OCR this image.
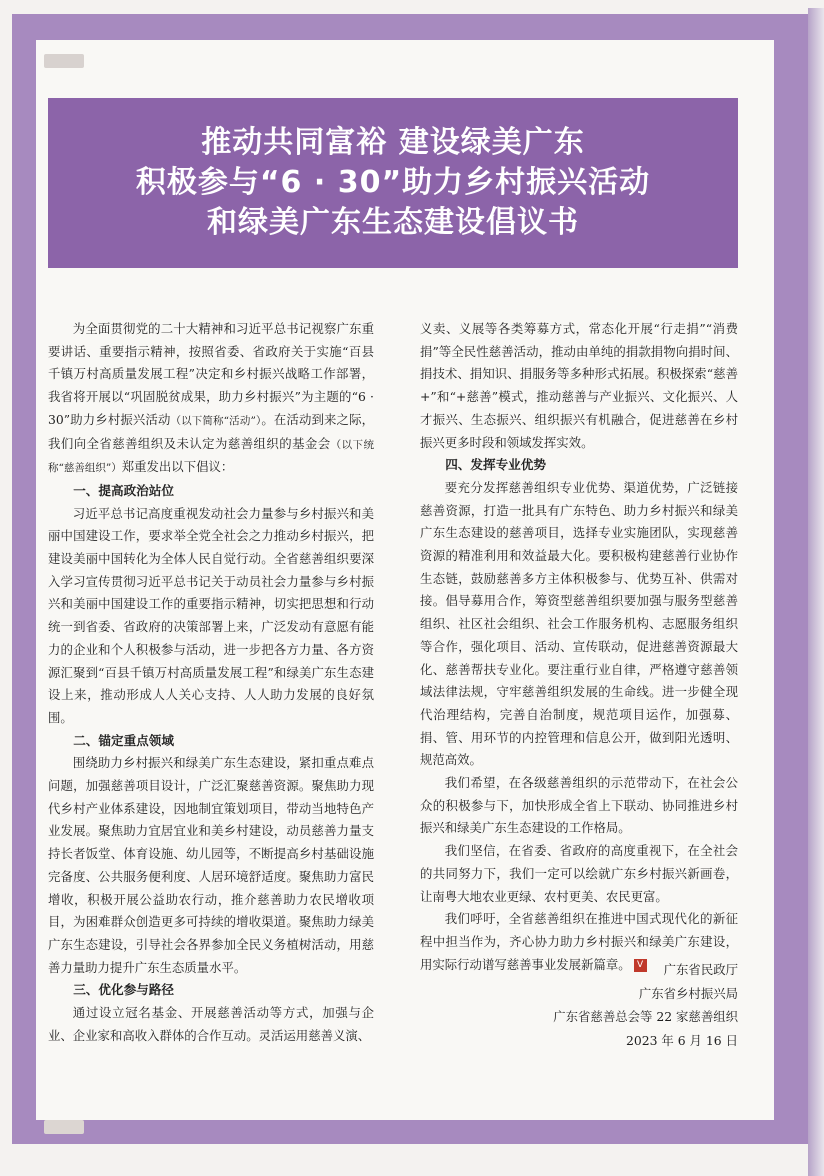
推动共同富裕 建设绿美广东
积极参与“6 · 30”助力乡村振兴活动
和绿美广东生态建设倡议书

为全面贯彻党的二十大精神和习近平总书记视察广东重要讲话、重要指示精神，按照省委、省政府关于实施“百县千镇万村高质量发展工程”决定和乡村振兴战略工作部署，我省将开展以“巩固脱贫成果，助力乡村振兴”为主题的“6 · 30”助力乡村振兴活动（以下简称“活动”）。在活动到来之际，我们向全省慈善组织及未认定为慈善组织的基金会（以下统称“慈善组织”）郑重发出以下倡议：

一、提高政治站位

习近平总书记高度重视发动社会力量参与乡村振兴和美丽中国建设工作，要求举全党全社会之力推动乡村振兴，把建设美丽中国转化为全体人民自觉行动。全省慈善组织要深入学习宣传贯彻习近平总书记关于动员社会力量参与乡村振兴和美丽中国建设工作的重要指示精神，切实把思想和行动统一到省委、省政府的决策部署上来，广泛发动有意愿有能力的企业和个人积极参与活动，进一步把各方力量、各方资源汇聚到“百县千镇万村高质量发展工程”和绿美广东生态建设上来，推动形成人人关心支持、人人助力发展的良好氛围。

二、锚定重点领域

围绕助力乡村振兴和绿美广东生态建设，紧扣重点难点问题，加强慈善项目设计，广泛汇聚慈善资源。聚焦助力现代乡村产业体系建设，因地制宜策划项目，带动当地特色产业发展。聚焦助力宜居宜业和美乡村建设，动员慈善力量支持长者饭堂、体育设施、幼儿园等，不断提高乡村基础设施完备度、公共服务便利度、人居环境舒适度。聚焦助力富民增收，积极开展公益助农行动，推介慈善助力农民增收项目，为困难群众创造更多可持续的增收渠道。聚焦助力绿美广东生态建设，引导社会各界参加全民义务植树活动，用慈善力量助力提升广东生态质量水平。

三、优化参与路径

通过设立冠名基金、开展慈善活动等方式，加强与企业、企业家和高收入群体的合作互动。灵活运用慈善义演、

义卖、义展等各类筹募方式，常态化开展“行走捐”“消费捐”等全民性慈善活动，推动由单纯的捐款捐物向捐时间、捐技术、捐知识、捐服务等多种形式拓展。积极探索“慈善+”和“+慈善”模式，推动慈善与产业振兴、文化振兴、人才振兴、生态振兴、组织振兴有机融合，促进慈善在乡村振兴更多时段和领域发挥实效。

四、发挥专业优势

要充分发挥慈善组织专业优势、渠道优势，广泛链接慈善资源，打造一批具有广东特色、助力乡村振兴和绿美广东生态建设的慈善项目，选择专业实施团队，实现慈善资源的精准利用和效益最大化。要积极构建慈善行业协作生态链，鼓励慈善多方主体积极参与、优势互补、供需对接。倡导募用合作，筹资型慈善组织要加强与服务型慈善组织、社区社会组织、社会工作服务机构、志愿服务组织等合作，强化项目、活动、宣传联动，促进慈善资源最大化、慈善帮扶专业化。要注重行业自律，严格遵守慈善领域法律法规，守牢慈善组织发展的生命线。进一步健全现代治理结构，完善自治制度，规范项目运作，加强募、捐、管、用环节的内控管理和信息公开，做到阳光透明、规范高效。

我们希望，在各级慈善组织的示范带动下，在社会公众的积极参与下，加快形成全省上下联动、协同推进乡村振兴和绿美广东生态建设的工作格局。

我们坚信，在省委、省政府的高度重视下，在全社会的共同努力下，我们一定可以绘就广东乡村振兴新画卷，让南粤大地农业更绿、农村更美、农民更富。

我们呼吁，全省慈善组织在推进中国式现代化的新征程中担当作为，齐心协力助力乡村振兴和绿美广东建设，用实际行动谱写慈善事业发展新篇章。 V	广东省民政厅
广东省乡村振兴局
广东省慈善总会等 22 家慈善组织
2023 年 6 月 16 日
